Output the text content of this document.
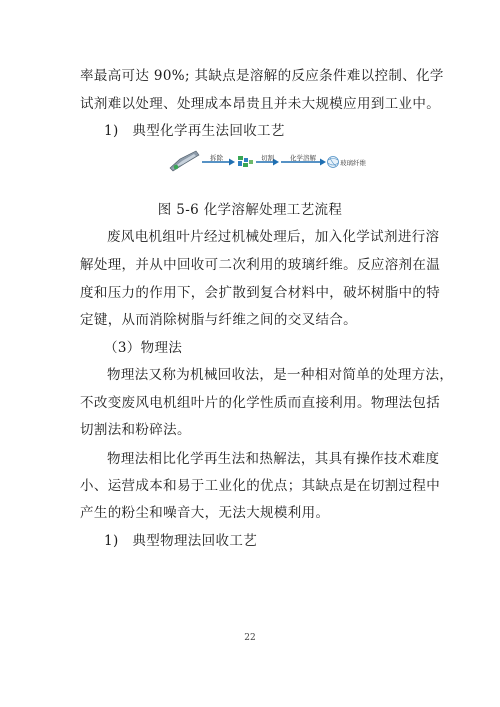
率最高可达 90%; 其缺点是溶解的反应条件难以控制、化学
试剂难以处理、处理成本昂贵且并未大规模应用到工业中。
1)　典型化学再生法回收工艺
拆除	切割 化学溶解
玻璃纤维
图 5-6 化学溶解处理工艺流程
废风电机组叶片经过机械处理后，加入化学试剂进行溶
解处理，并从中回收可二次利用的玻璃纤维。反应溶剂在温
度和压力的作用下，会扩散到复合材料中，破坏树脂中的特
定键，从而消除树脂与纤维之间的交叉结合。
（3）物理法
物理法又称为机械回收法，是一种相对简单的处理方法，
不改变废风电机组叶片的化学性质而直接利用。物理法包括
切割法和粉碎法。
物理法相比化学再生法和热解法，其具有操作技术难度
小、运营成本和易于工业化的优点；其缺点是在切割过程中
产生的粉尘和噪音大，无法大规模利用。
1)　典型物理法回收工艺
22
